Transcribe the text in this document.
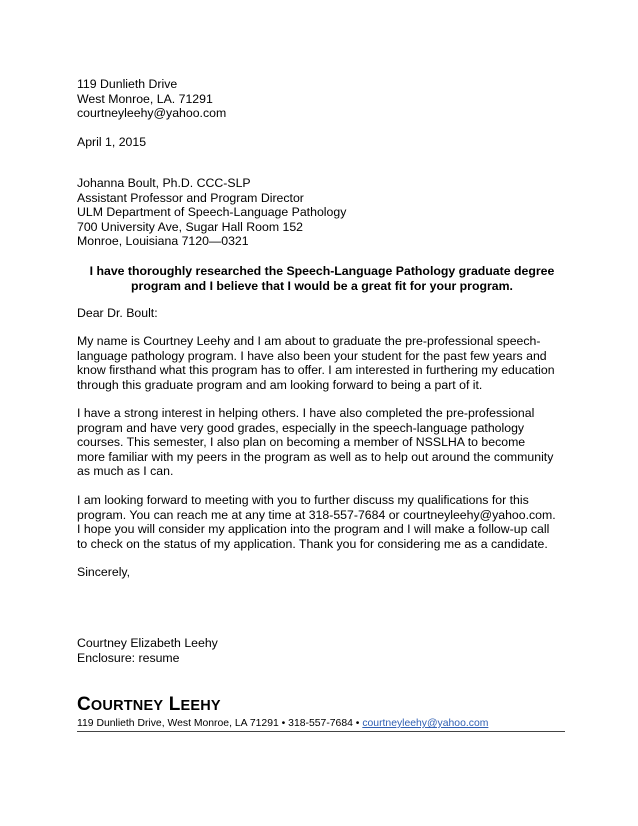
119 Dunlieth Drive
West Monroe, LA. 71291
courtneyleehy@yahoo.com
April 1, 2015
Johanna Boult, Ph.D. CCC-SLP
Assistant Professor and Program Director
ULM Department of Speech-Language Pathology
700 University Ave, Sugar Hall Room 152
Monroe, Louisiana 7120—0321
I have thoroughly researched the Speech-Language Pathology graduate degree
program and I believe that I would be a great fit for your program.
Dear Dr. Boult:
My name is Courtney Leehy and I am about to graduate the pre-professional speech-
language pathology program. I have also been your student for the past few years and
know firsthand what this program has to offer. I am interested in furthering my education
through this graduate program and am looking forward to being a part of it.
I have a strong interest in helping others. I have also completed the pre-professional
program and have very good grades, especially in the speech-language pathology
courses. This semester, I also plan on becoming a member of NSSLHA to become
more familiar with my peers in the program as well as to help out around the community
as much as I can.
I am looking forward to meeting with you to further discuss my qualifications for this
program. You can reach me at any time at 318-557-7684 or courtneyleehy@yahoo.com.
I hope you will consider my application into the program and I will make a follow-up call
to check on the status of my application. Thank you for considering me as a candidate.
Sincerely,
Courtney Elizabeth Leehy
Enclosure: resume
COURTNEY LEEHY
119 Dunlieth Drive, West Monroe, LA 71291 • 318-557-7684 • courtneyleehy@yahoo.com
